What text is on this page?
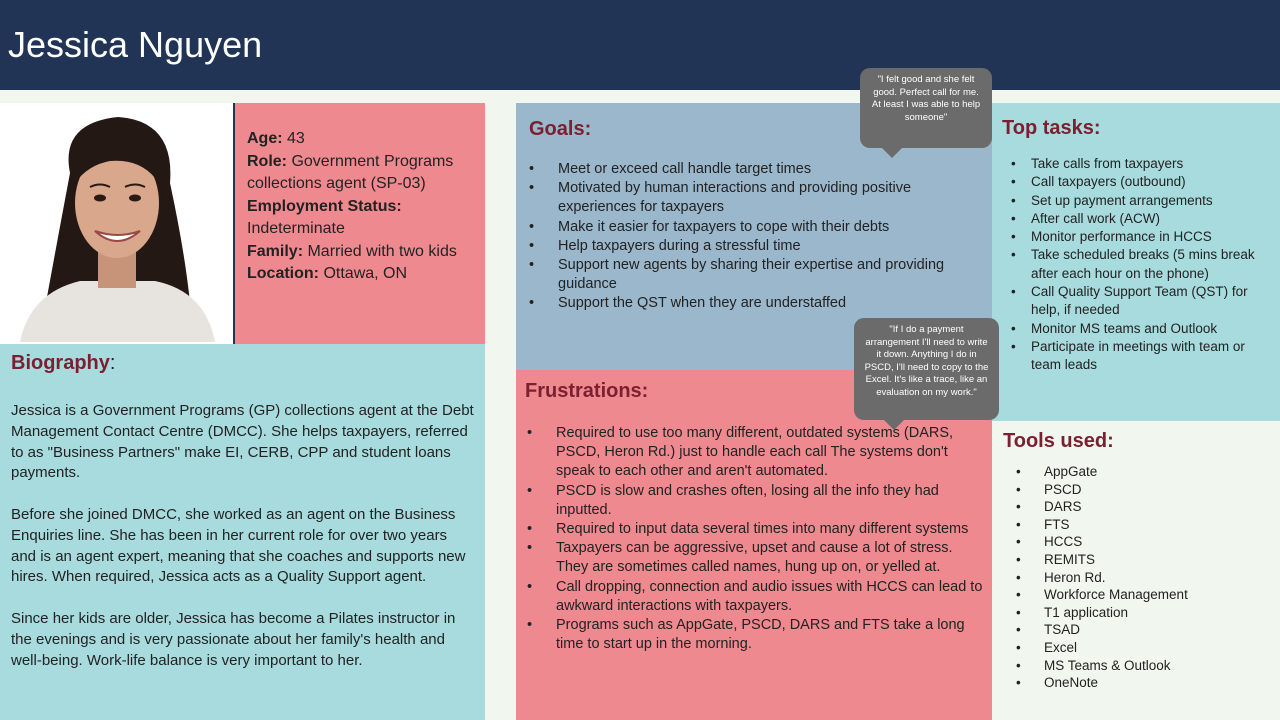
Jessica Nguyen
Age: 43
Role: Government Programs collections agent (SP-03)  Employment Status: Indeterminate
Family: Married with two kids
Location: Ottawa, ON
Biography:

Jessica is a Government Programs (GP) collections agent at the Debt Management Contact Centre (DMCC). She helps taxpayers, referred to as "Business Partners" make EI, CERB, CPP and student loans payments.

Before she joined DMCC, she worked as an agent on the Business Enquiries line. She has been in her current role for over two years and is an agent expert, meaning that she coaches and supports new hires. When required, Jessica acts as a Quality Support agent.

Since her kids are older, Jessica has become a Pilates instructor in the evenings and is very passionate about her family's health and well-being. Work-life balance is very important to her.

Goals:
• Meet or exceed call handle target times
• Motivated by human interactions and providing positive experiences for taxpayers
• Make it easier for taxpayers to cope with their debts
• Help taxpayers during a stressful time
• Support new agents by sharing their expertise and providing guidance
• Support the QST when they are understaffed
Frustrations:
• Required to use too many different, outdated systems (DARS, PSCD, Heron Rd.) just to handle each call The systems don't speak to each other and aren't automated.
• PSCD is slow and crashes often, losing all the info they had inputted.
• Required to input data several times into many different systems
• Taxpayers can be aggressive, upset and cause a lot of stress. They are sometimes called names, hung up on, or yelled at.
• Call dropping, connection and audio issues with HCCS can lead to awkward interactions with taxpayers.
• Programs such as AppGate, PSCD, DARS and FTS take a long time to start up in the morning.
Top tasks:
• Take calls from taxpayers
• Call taxpayers (outbound)
• Set up payment arrangements
• After call work (ACW)
• Monitor performance in HCCS
• Take scheduled breaks (5 mins break after each hour on the phone)
• Call Quality Support Team (QST) for help, if needed
• Monitor MS teams and Outlook
• Participate in meetings with team or team leads
Tools used:
• AppGate
• PSCD
• DARS
• FTS
• HCCS
• REMITS
• Heron Rd.
• Workforce Management
• T1 application
• TSAD
• Excel
• MS Teams & Outlook
• OneNote
"I felt good and she felt good. Perfect call for me. At least I was able to help someone"
"If I do a payment arrangement I'll need to write it down. Anything I do in PSCD, I'll need to copy to the Excel. It's like a trace, like an evaluation on my work."
